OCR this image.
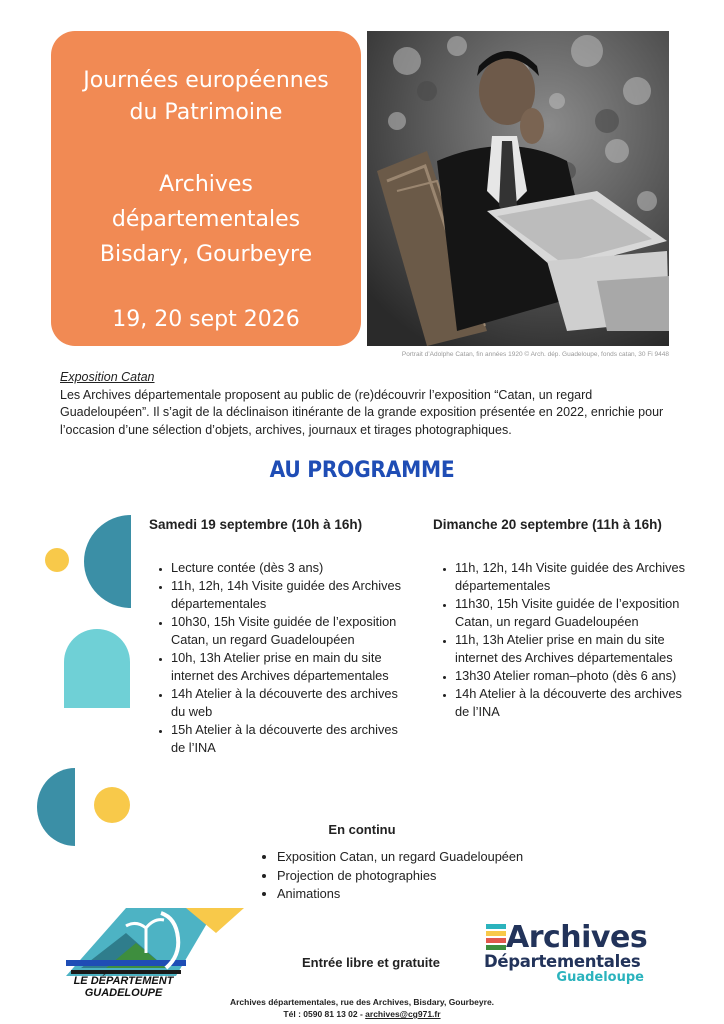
Journées européennes
du Patrimoine
Archives
départementales
Bisdary, Gourbeyre
19, 20 sept 2026
Portrait d’Adolphe Catan, fin années 1920 © Arch. dép. Guadeloupe, fonds catan, 30 Fi 9448
Exposition Catan
Les Archives départementale proposent au public de (re)découvrir l’exposition “Catan, un regard Guadeloupéen”. Il s’agit de la déclinaison itinérante de la grande exposition présentée en 2022, enrichie pour l’occasion d’une sélection d’objets, archives, journaux et tirages photographiques.
AU PROGRAMME
Samedi 19 septembre (10h à 16h)
• Lecture contée (dès 3 ans)
• 11h, 12h, 14h Visite guidée des Archives départementales
• 10h30, 15h Visite guidée de l’exposition Catan, un regard Guadeloupéen
• 10h, 13h Atelier prise en main du site internet des Archives départementales
• 14h Atelier à la découverte des archives du web
• 15h Atelier à la découverte des archives de l’INA
Dimanche 20 septembre (11h à 16h)
• 11h, 12h, 14h Visite guidée des Archives départementales
• 11h30, 15h Visite guidée de l’exposition Catan, un regard Guadeloupéen
• 11h, 13h Atelier prise en main du site internet des Archives départementales
• 13h30 Atelier roman–photo (dès 6 ans)
• 14h Atelier à la découverte des archives de l’INA
En continu
• Exposition Catan, un regard Guadeloupéen
• Projection de photographies
• Animations
LE DÉPARTEMENT
GUADELOUPE
Entrée libre et gratuite
Archives
Départementales
Guadeloupe
Archives départementales, rue des Archives, Bisdary, Gourbeyre.
Tél : 0590 81 13 02 - archives@cg971.fr
